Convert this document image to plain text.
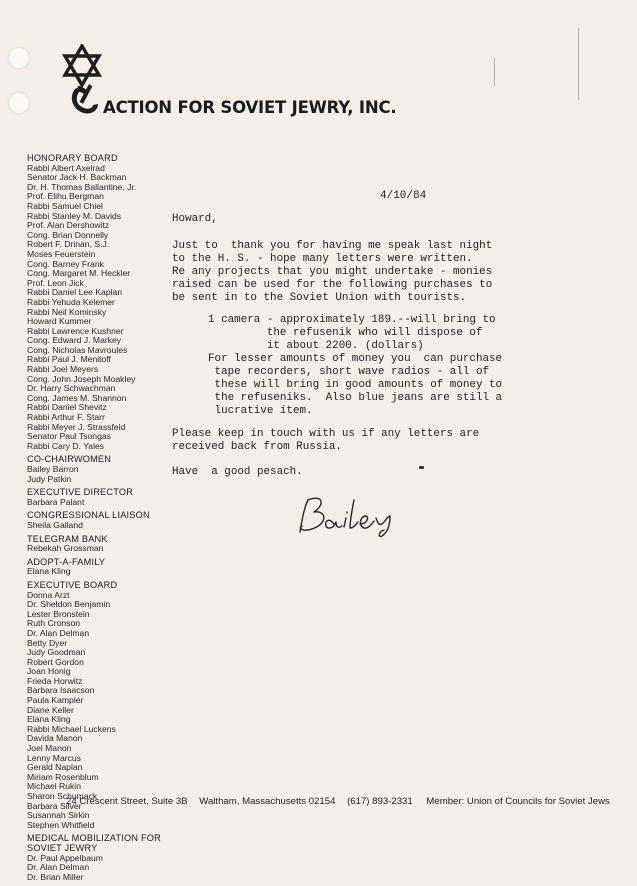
ACTION FOR SOVIET JEWRY, INC.
HONORARY BOARD
Rabbi Albert Axelrad
Senator Jack H. Backman
Dr. H. Thomas Ballantine, Jr.
Prof. Elihu Bergman
Rabbi Samuel Chiel
Rabbi Stanley M. Davids
Prof. Alan Dershowitz
Cong. Brian Donnelly
Robert F. Drinan, S.J.
Moses Feuerstein
Cong. Barney Frank
Cong. Margaret M. Heckler
Prof. Leon Jick
Rabbi Daniel Lee Kaplan
Rabbi Yehuda Kelemer
Rabbi Neil Kominsky
Howard Kummer
Rabbi Lawrence Kushner
Cong. Edward J. Markey
Cong. Nicholas Mavroules
Rabbi Paul J. Menitoff
Rabbi Joel Meyers
Cong. John Joseph Moakley
Dr. Harry Schwachman
Cong. James M. Shannon
Rabbi Daniel Shevitz
Rabbi Arthur F. Starr
Rabbi Meyer J. Strassfeld
Senator Paul Tsongas
Rabbi Cary D. Yales
CO-CHAIRWOMEN
Bailey Barron
Judy Patkin
EXECUTIVE DIRECTOR
Barbara Palant
CONGRESSIONAL LIAISON
Sheila Galland
TELEGRAM BANK
Rebekah Grossman
ADOPT-A-FAMILY
Elana Kling
EXECUTIVE BOARD
Donna Arzt
Dr. Sheldon Benjamin
Lester Bronstein
Ruth Cronson
Dr. Alan Delman
Betty Dyer
Judy Goodman
Robert Gordon
Joan Honig
Frieda Horwitz
Barbara Isaacson
Paula Kampler
Diane Keller
Elana Kling
Rabbi Michael Luckens
Davida Manon
Joel Manon
Lenny Marcus
Gerald Naplan
Miriam Rosenblum
Michael Rukin
Sharon Schumack
Barbara Silver
Susannah Sirkin
Stephen Whitfield
MEDICAL MOBILIZATION FOR SOVIET JEWRY
Dr. Paul Appelbaum
Dr. Alan Delman
Dr. Brian Miller
4/10/84
Howard,
Just to  thank you for having me speak last night
to the H. S. - hope many letters were written.
Re any projects that you might undertake - monies
raised can be used for the following purchases to
be sent in to the Soviet Union with tourists.
1 camera - approximately 189.--will bring to
the refusenik who will dispose of
it about 2200. (dollars)
For lesser amounts of money you  can purchase
tape recorders, short wave radios - all of
these will bring in good amounts of money to
the refuseniks.  Also blue jeans are still a
lucrative item.
Please keep in touch with us if any letters are
received back from Russia.
Have  a good pesach.
24 Crescent Street, Suite 3B Waltham, Massachusetts 02154 (617) 893-2331 Member: Union of Councils for Soviet Jews
